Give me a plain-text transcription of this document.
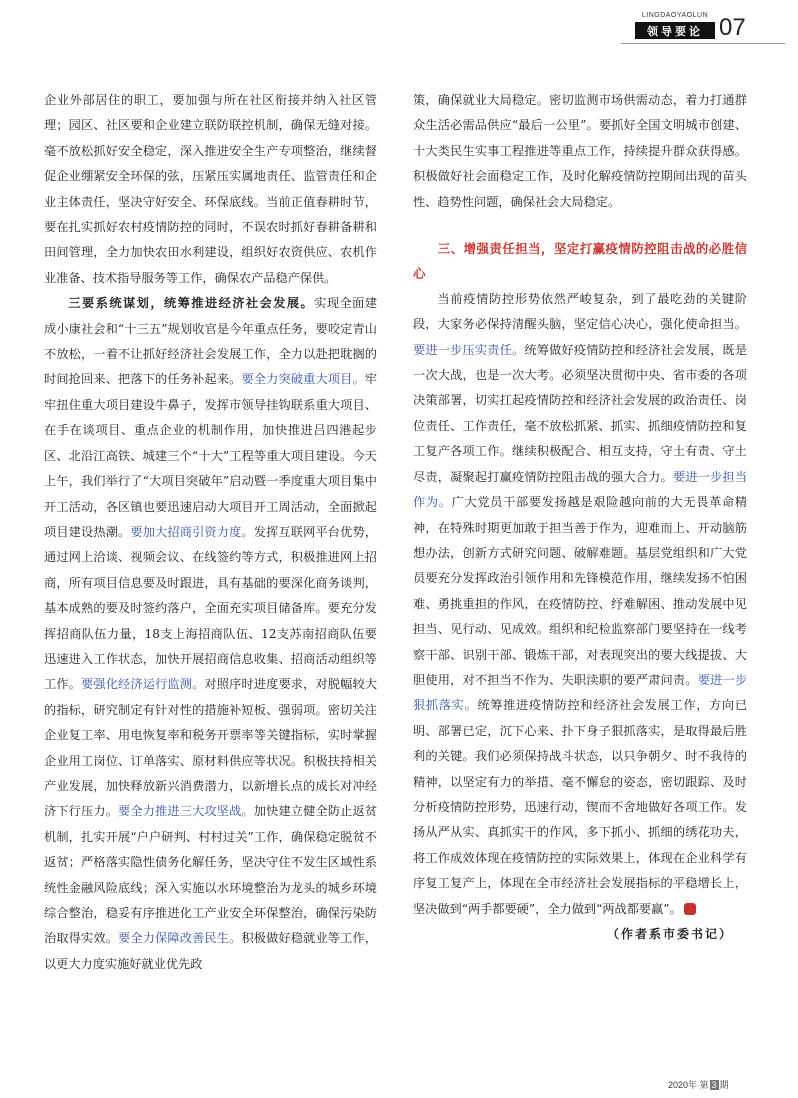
LINGDAOYAOLUN
领导要论 07

企业外部居住的职工，要加强与所在社区衔接并纳入社区管理；园区、社区要和企业建立联防联控机制，确保无缝对接。毫不放松抓好安全稳定，深入推进安全生产专项整治，继续督促企业绷紧安全环保的弦，压紧压实属地责任、监管责任和企业主体责任，坚决守好安全、环保底线。当前正值春耕时节，要在扎实抓好农村疫情防控的同时，不误农时抓好春耕备耕和田间管理，全力加快农田水利建设，组织好农资供应、农机作业准备、技术指导服务等工作，确保农产品稳产保供。

三要系统谋划，统筹推进经济社会发展。实现全面建成小康社会和“十三五”规划收官是今年重点任务，要咬定青山不放松，一着不让抓好经济社会发展工作，全力以赴把耽搁的时间抢回来、把落下的任务补起来。要全力突破重大项目。牢牢扭住重大项目建设牛鼻子，发挥市领导挂钩联系重大项目、在手在谈项目、重点企业的机制作用，加快推进吕四港起步区、北沿江高铁、城建三个“十大”工程等重大项目建设。今天上午，我们举行了“大项目突破年”启动暨一季度重大项目集中开工活动，各区镇也要迅速启动大项目开工周活动，全面掀起项目建设热潮。要加大招商引资力度。发挥互联网平台优势，通过网上洽谈、视频会议、在线签约等方式，积极推进网上招商，所有项目信息要及时跟进，具有基础的要深化商务谈判，基本成熟的要及时签约落户，全面充实项目储备库。要充分发挥招商队伍力量，18支上海招商队伍、12支苏南招商队伍要迅速进入工作状态，加快开展招商信息收集、招商活动组织等工作。要强化经济运行监测。对照序时进度要求，对脱幅较大的指标，研究制定有针对性的措施补短板、强弱项。密切关注企业复工率、用电恢复率和税务开票率等关键指标，实时掌握企业用工岗位、订单落实、原材料供应等状况。积极扶持相关产业发展，加快释放新兴消费潜力，以新增长点的成长对冲经济下行压力。要全力推进三大攻坚战。加快建立健全防止返贫机制，扎实开展“户户研判、村村过关”工作，确保稳定脱贫不返贫；严格落实隐性债务化解任务，坚决守住不发生区域性系统性金融风险底线；深入实施以水环境整治为龙头的城乡环境综合整治，稳妥有序推进化工产业安全环保整治，确保污染防治取得实效。要全力保障改善民生。积极做好稳就业等工作，以更大力度实施好就业优先政

策，确保就业大局稳定。密切监测市场供需动态，着力打通群众生活必需品供应“最后一公里”。要抓好全国文明城市创建、十大类民生实事工程推进等重点工作，持续提升群众获得感。积极做好社会面稳定工作，及时化解疫情防控期间出现的苗头性、趋势性问题，确保社会大局稳定。

三、增强责任担当，坚定打赢疫情防控阻击战的必胜信心

当前疫情防控形势依然严峻复杂，到了最吃劲的关键阶段，大家务必保持清醒头脑，坚定信心决心，强化使命担当。要进一步压实责任。统筹做好疫情防控和经济社会发展，既是一次大战，也是一次大考。必须坚决贯彻中央、省市委的各项决策部署，切实扛起疫情防控和经济社会发展的政治责任、岗位责任、工作责任，毫不放松抓紧、抓实、抓细疫情防控和复工复产各项工作。继续积极配合、相互支持，守土有责、守土尽责，凝聚起打赢疫情防控阻击战的强大合力。要进一步担当作为。广大党员干部要发扬越是艰险越向前的大无畏革命精神，在特殊时期更加敢于担当善于作为，迎难而上、开动脑筋想办法，创新方式研究问题、破解难题。基层党组织和广大党员要充分发挥政治引领作用和先锋模范作用，继续发扬不怕困难、勇挑重担的作风，在疫情防控、纾难解困、推动发展中见担当、见行动、见成效。组织和纪检监察部门要坚持在一线考察干部、识别干部、锻炼干部，对表现突出的要大线提拔、大胆使用，对不担当不作为、失职渎职的要严肃问责。要进一步狠抓落实。统筹推进疫情防控和经济社会发展工作，方向已明、部署已定，沉下心来、扑下身子狠抓落实，是取得最后胜利的关键。我们必须保持战斗状态，以只争朝夕、时不我待的精神，以坚定有力的举措、毫不懈怠的姿态，密切跟踪、及时分析疫情防控形势，迅速行动，锲而不舍地做好各项工作。发扬从严从实、真抓实干的作风，多下抓小、抓细的绣花功夫，将工作成效体现在疫情防控的实际效果上，体现在企业科学有序复工复产上，体现在全市经济社会发展指标的平稳增长上，坚决做到“两手都要硬”，全力做到“两战都要赢”。

（作者系市委书记）

2020年 第 3 期
